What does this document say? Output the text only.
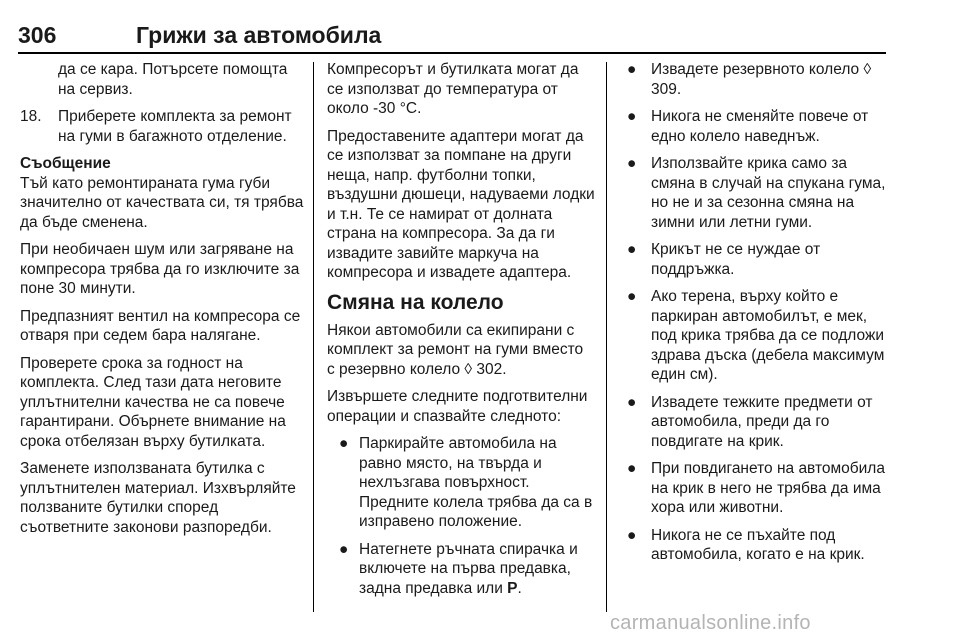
306	Грижи за автомобила

да се кара. Потърсете помощта на сервиз.

18. Приберете комплекта за ремонт на гуми в багажното отделение.
Съобщение

Тъй като ремонтираната гума губи значително от качествата си, тя трябва да бъде сменена.

При необичаен шум или загряване на компресора трябва да го изключите за поне 30 минути.

Предпазният вентил на компресора се отваря при седем бара налягане.

Проверете срока за годност на комплекта. След тази дата неговите уплътнителни качества не са повече гарантирани. Обърнете внимание на срока отбелязан върху бутилката.

Заменете използваната бутилка с уплътнителен материал. Изхвърляйте ползваните бутилки според съответните законови разпоредби.

Компресорът и бутилката могат да се използват до температура от около -30 °C.

Предоставените адаптери могат да се използват за помпане на други неща, напр. футболни топки, въздушни дюшеци, надуваеми лодки и т.н. Те се намират от долната страна на компресора. За да ги извадите завийте маркуча на компресора и извадете адаптера.

Смяна на колело

Някои автомобили са екипирани с комплект за ремонт на гуми вместо с резервно колело ◊ 302.

Извършете следните подготвителни операции и спазвайте следното:

● Паркирайте автомобила на равно място, на твърда и нехлъзгава повърхност. Предните колела трябва да са в изправено положение.
● Натегнете ръчната спирачка и включете на първа предавка, задна предавка или P.
● Извадете резервното колело ◊ 309.
● Никога не сменяйте повече от едно колело наведнъж.
● Използвайте крика само за смяна в случай на спукана гума, но не и за сезонна смяна на зимни или летни гуми.
● Крикът не се нуждае от поддръжка.
● Ако терена, върху който е паркиран автомобилът, е мек, под крика трябва да се подложи здрава дъска (дебела максимум един см).
● Извадете тежките предмети от автомобила, преди да го повдигате на крик.
● При повдигането на автомобила на крик в него не трябва да има хора или животни.
● Никога не се пъхайте под автомобила, когато е на крик.
carmanualsonline.info
